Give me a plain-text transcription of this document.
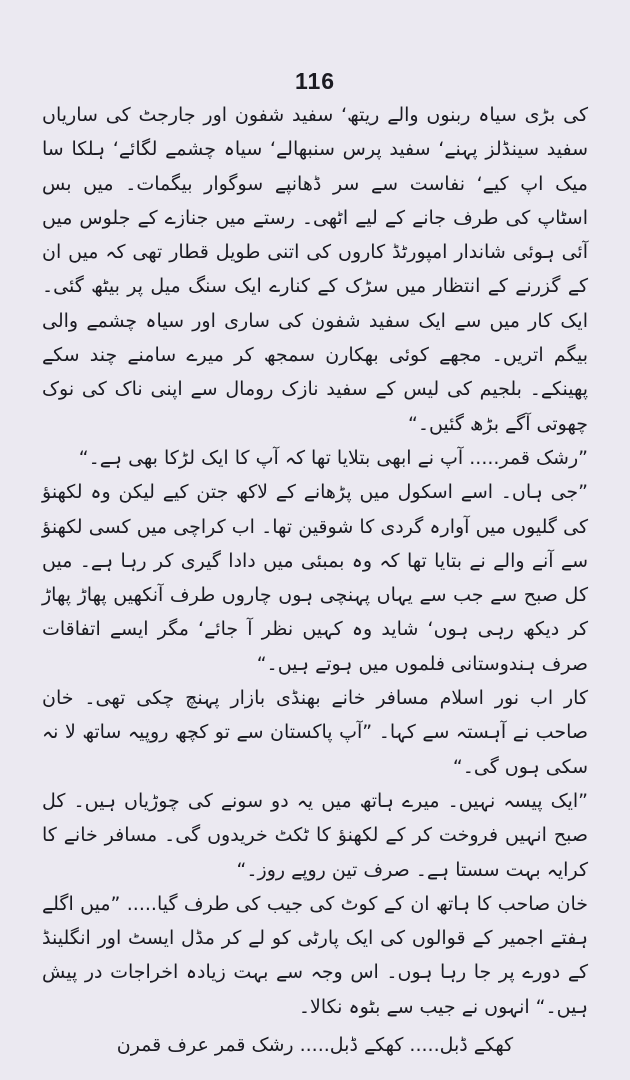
116

کی بڑی سیاہ ربنوں والے ریتھ‘ سفید شفون اور جارجٹ کی ساریاں سفید سینڈلز پہنے‘ سفید پرس سنبھالے‘ سیاہ چشمے لگائے‘ ہلکا سا میک اپ کیے‘ نفاست سے سر ڈھانپے سوگوار بیگمات۔ میں بس اسٹاپ کی طرف جانے کے لیے اٹھی۔ رستے میں جنازے کے جلوس میں آئی ہوئی شاندار امپورٹڈ کاروں کی اتنی طویل قطار تھی کہ میں ان کے گزرنے کے انتظار میں سڑک کے کنارے ایک سنگ میل پر بیٹھ گئی۔ ایک کار میں سے ایک سفید شفون کی ساری اور سیاہ چشمے والی بیگم اتریں۔ مجھے کوئی بھکارن سمجھ کر میرے سامنے چند سکے پھینکے۔ بلجیم کی لیس کے سفید نازک رومال سے اپنی ناک کی نوک چھوتی آگے بڑھ گئیں۔“

”رشک قمر..... آپ نے ابھی بتلایا تھا کہ آپ کا ایک لڑکا بھی ہے۔“

”جی ہاں۔ اسے اسکول میں پڑھانے کے لاکھ جتن کیے لیکن وہ لکھنؤ کی گلیوں میں آوارہ گردی کا شوقین تھا۔ اب کراچی میں کسی لکھنؤ سے آنے والے نے بتایا تھا کہ وہ بمبئی میں دادا گیری کر رہا ہے۔ میں کل صبح سے جب سے یہاں پہنچی ہوں چاروں طرف آنکھیں پھاڑ پھاڑ کر دیکھ رہی ہوں‘ شاید وہ کہیں نظر آ جائے‘ مگر ایسے اتفاقات صرف ہندوستانی فلموں میں ہوتے ہیں۔“

کار اب نور اسلام مسافر خانے بھنڈی بازار پہنچ چکی تھی۔ خان صاحب نے آہستہ سے کہا۔ ”آپ پاکستان سے تو کچھ روپیہ ساتھ لا نہ سکی ہوں گی۔“

”ایک پیسہ نہیں۔ میرے ہاتھ میں یہ دو سونے کی چوڑیاں ہیں۔ کل صبح انہیں فروخت کر کے لکھنؤ کا ٹکٹ خریدوں گی۔ مسافر خانے کا کرایہ بہت سستا ہے۔ صرف تین روپے روز۔“

خان صاحب کا ہاتھ ان کے کوٹ کی جیب کی طرف گیا..... ”میں اگلے ہفتے اجمیر کے قوالوں کی ایک پارٹی کو لے کر مڈل ایسٹ اور انگلینڈ کے دورے پر جا رہا ہوں۔ اس وجہ سے بہت زیادہ اخراجات در پیش ہیں۔“ انہوں نے جیب سے بٹوہ نکالا۔

کھکے ڈبل..... کھکے ڈبل..... رشک قمر عرف قمرن
